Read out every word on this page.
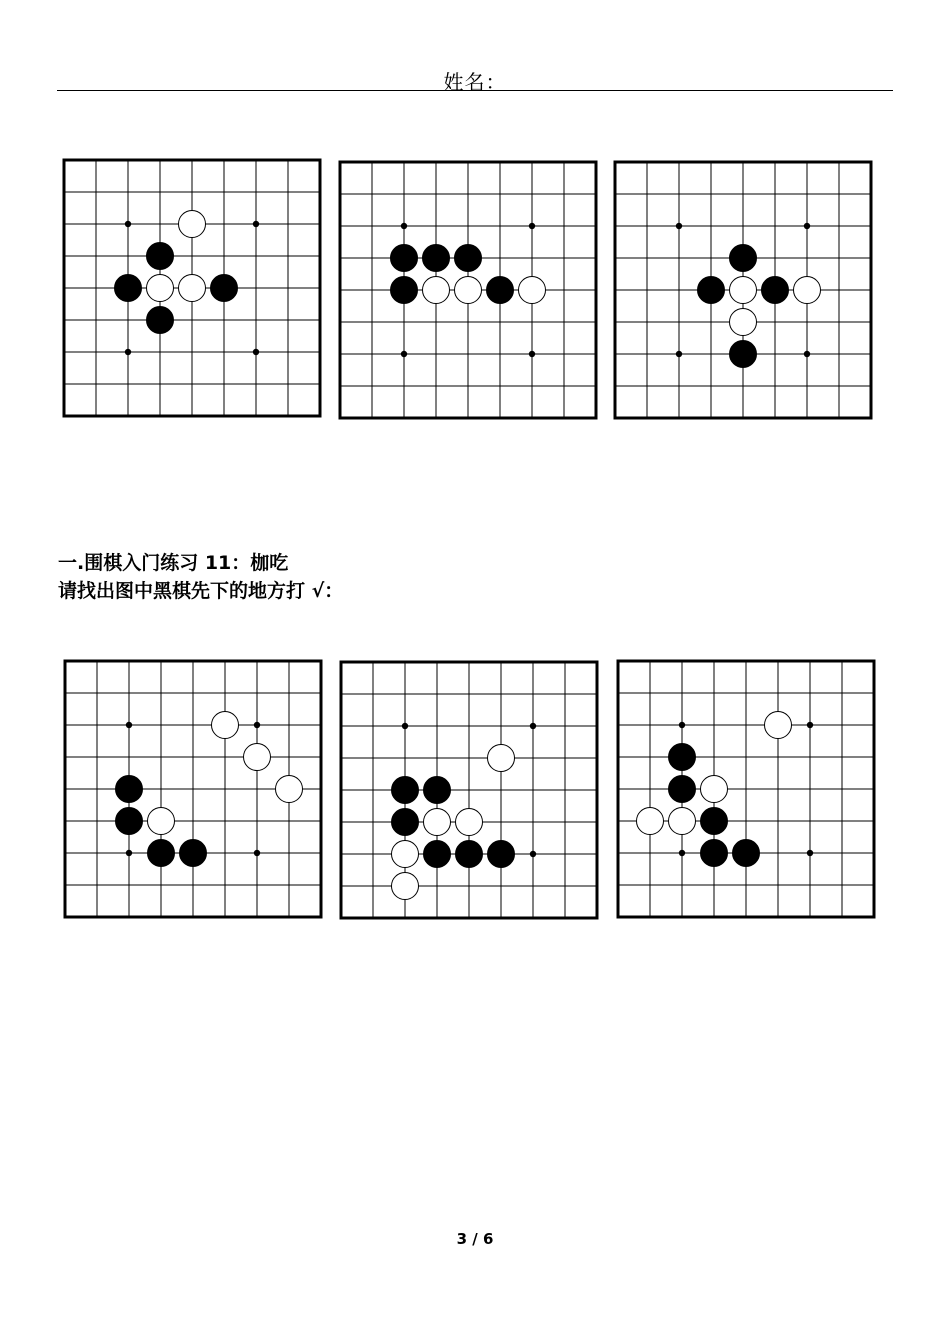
姓名：
一.围棋入门练习 11：枷吃
请找出图中黑棋先下的地方打 √：
3 / 6
